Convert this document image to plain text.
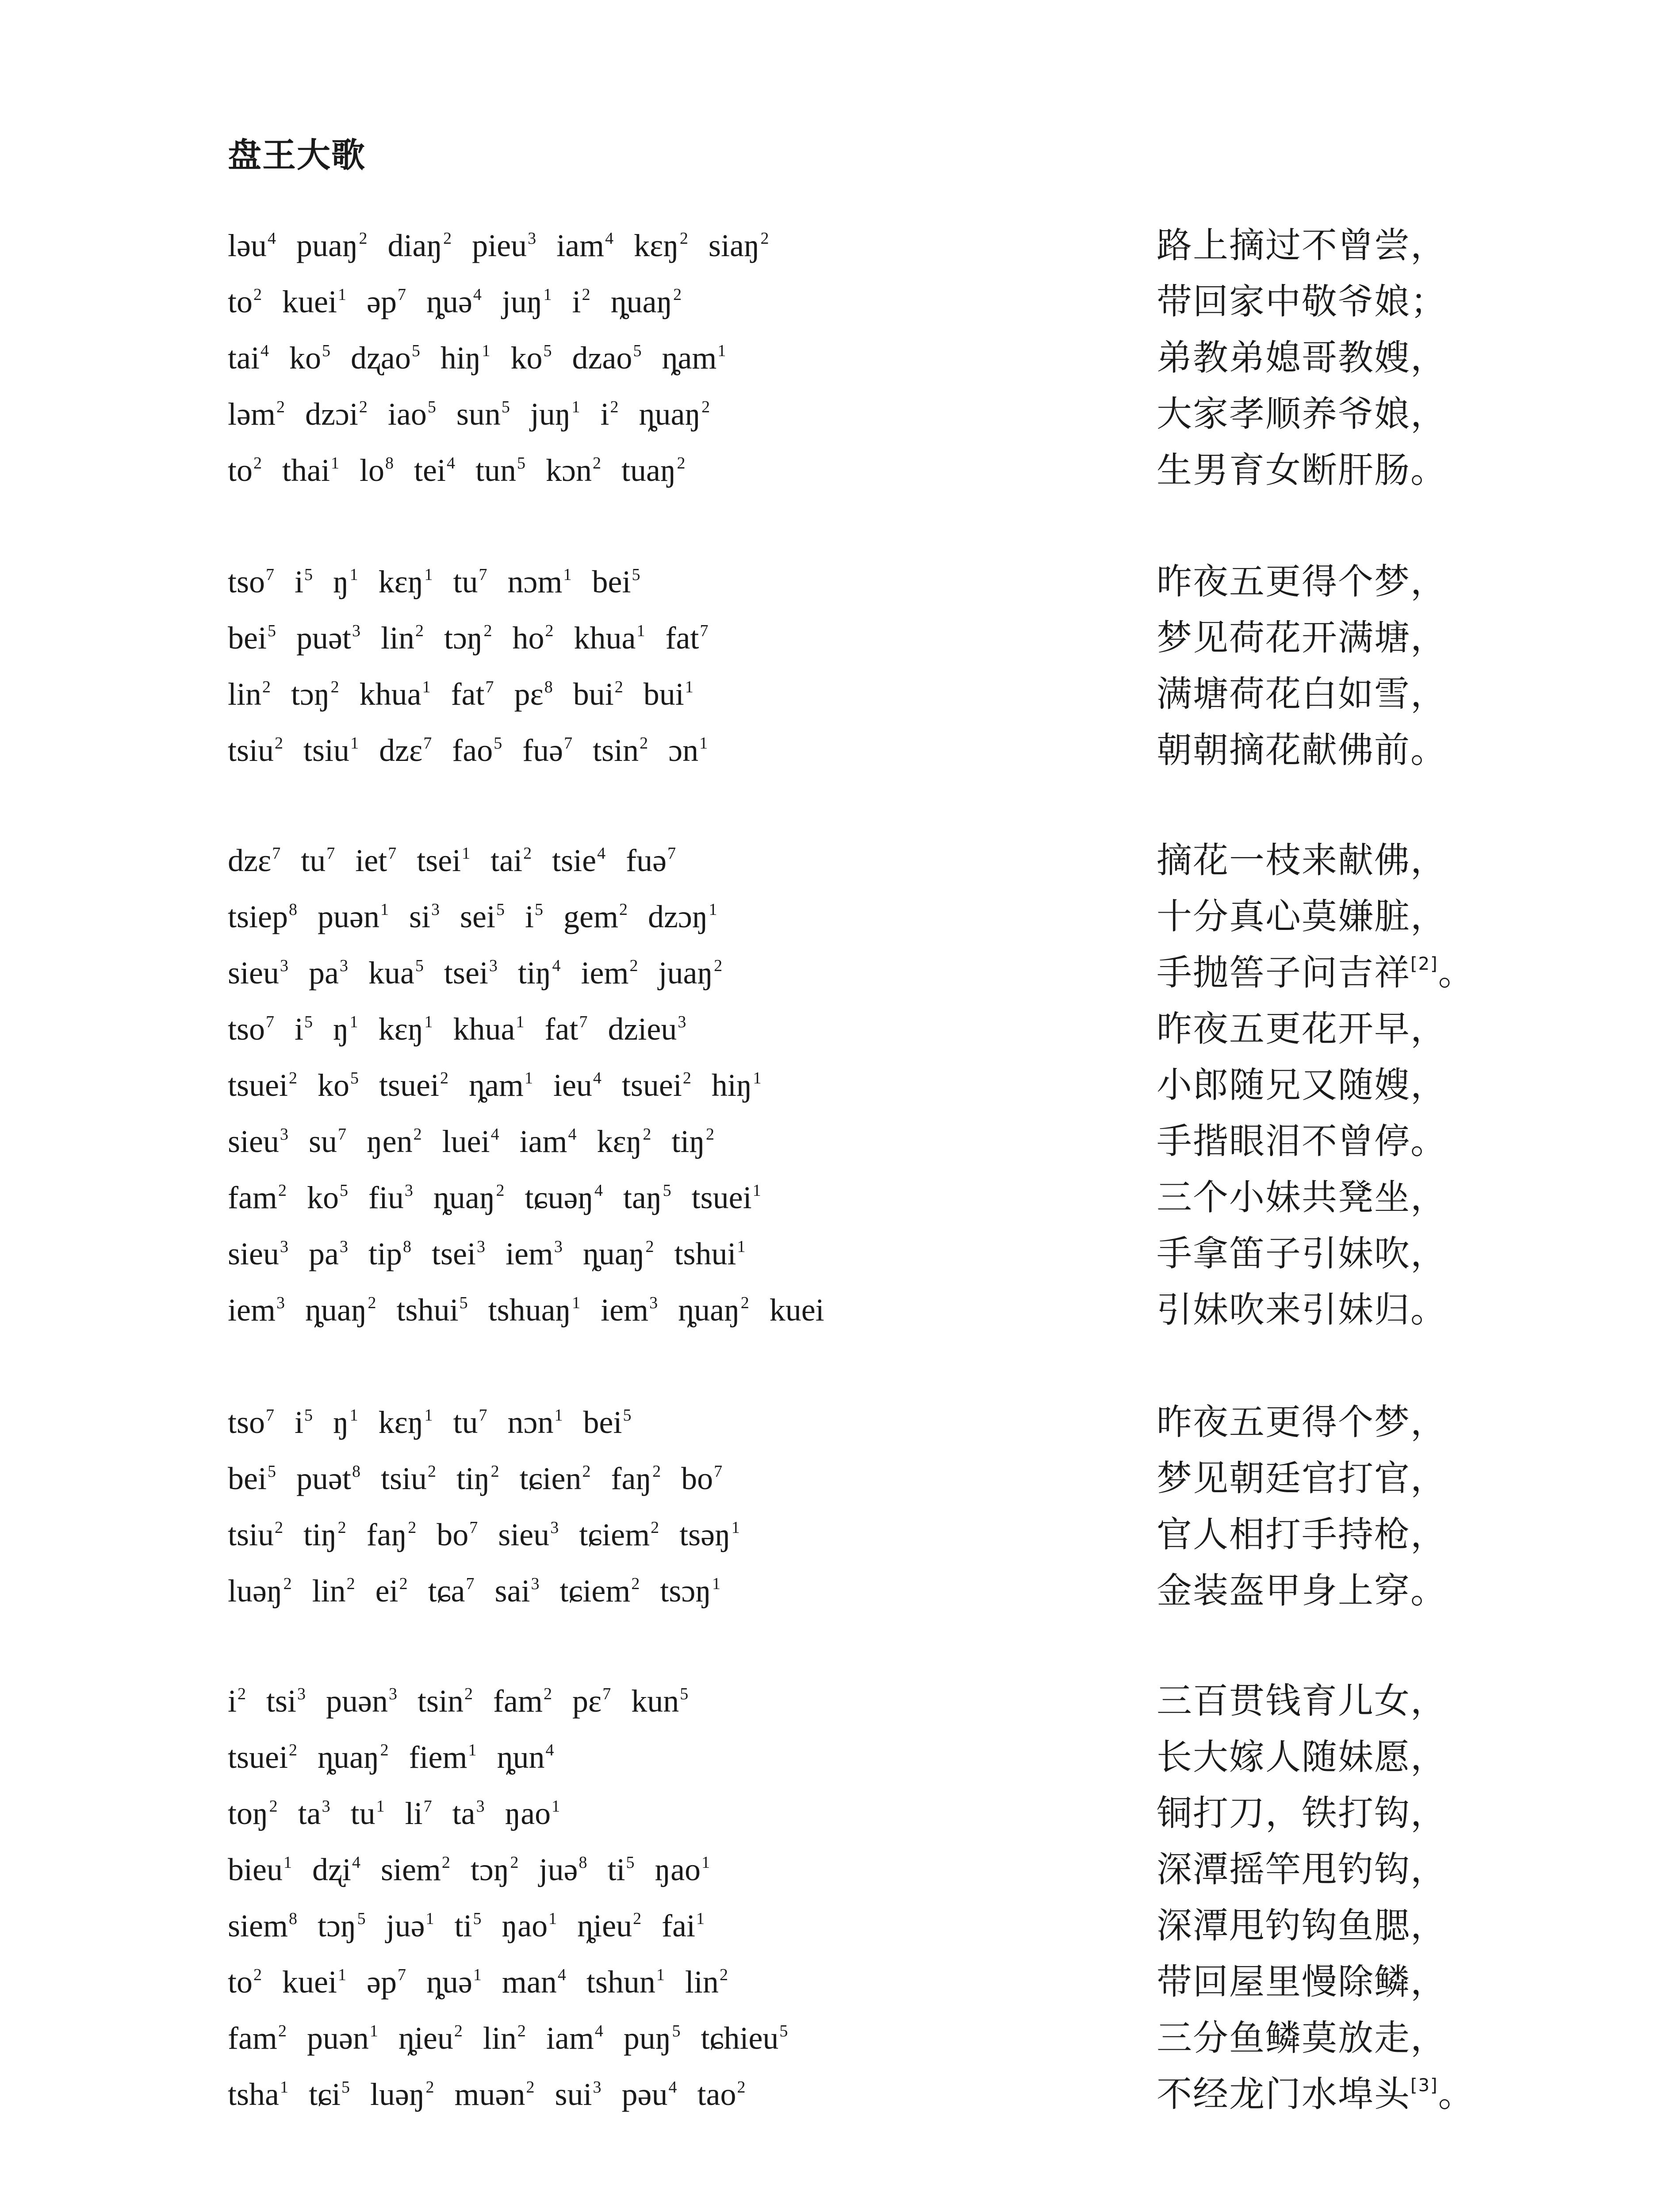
盘王大歌
ləu$^4$ puaŋ$^2$ diaŋ$^2$ pieu$^3$ iam$^4$ kɛŋ$^2$ siaŋ$^2$	路上摘过不曾尝，
$to^2$ kuei$^1$ əp$^7$ ȵuə$^4$ juŋ$^1$ $i^2$ ȵuaŋ$^2$	带回家中敬爷娘；
tai$^4$ $ko^5$ dʐao$^5$ hiŋ$^1$ $ko^5$ dzao$^5$ ȵam$^1$	弟教弟媳哥教嫂，
ləm$^2$ dzɔi$^2$ iao$^5$ sun$^5$ juŋ$^1$ $i^2$ ȵuaŋ$^2$	大家孝顺养爷娘，
$to^2$ thai$^1$ $lo^8$ tei$^4$ tun$^5$ kɔn$^2$ tuaŋ$^2$	生男育女断肝肠。
tso$^7$ $i^5$ $ŋ^1$ kɛŋ$^1$ $tu^7$ nɔm$^1$ bei$^5$	昨夜五更得个梦，
bei$^5$ puət$^3$ lin$^2$ tɔŋ$^2$ $ho^2$ khua$^1$ fat$^7$	梦见荷花开满塘，
lin$^2$ tɔŋ$^2$ khua$^1$ fat$^7$ pɛ$^8$ bui$^2$ bui$^1$	满塘荷花白如雪，
tsiu$^2$ tsiu$^1$ dzɛ$^7$ fao$^5$ fuə$^7$ tsin$^2$ ɔn$^1$	朝朝摘花献佛前。
dzɛ$^7$ $tu^7$ iet$^7$ tsei$^1$ tai$^2$ tsie$^4$ fuə$^7$	摘花一枝来献佛，
tsiep$^8$ puən$^1$ $si^3$ sei$^5$ $i^5$ gem$^2$ dzɔŋ$^1$	十分真心莫嫌脏，
sieu$^3$ $pa^3$ kua$^5$ tsei$^3$ tiŋ$^4$ iem$^2$ juaŋ$^2$	手抛筶子问吉祥[2]。
tso$^7$ $i^5$ $ŋ^1$ kɛŋ$^1$ khua$^1$ fat$^7$ dzieu$^3$	昨夜五更花开早，
tsuei$^2$ $ko^5$ tsuei$^2$ ȵam$^1$ ieu$^4$ tsuei$^2$ hiŋ$^1$	小郎随兄又随嫂，
sieu$^3$ $su^7$ ŋen$^2$ luei$^4$ iam$^4$ kɛŋ$^2$ tiŋ$^2$	手揩眼泪不曾停。
fam$^2$ $ko^5$ fiu$^3$ ȵuaŋ$^2$ tɕuəŋ$^4$ taŋ$^5$ tsuei$^1$	三个小妹共凳坐，
sieu$^3$ $pa^3$ tip$^8$ tsei$^3$ iem$^3$ ȵuaŋ$^2$ tshui$^1$	手拿笛子引妹吹，
iem$^3$ ȵuaŋ$^2$ tshui$^5$ tshuaŋ$^1$ iem$^3$ ȵuaŋ$^2$ kuei	引妹吹来引妹归。
tso$^7$ $i^5$ $ŋ^1$ kɛŋ$^1$ $tu^7$ nɔn$^1$ bei$^5$	昨夜五更得个梦，
bei$^5$ puət$^8$ tsiu$^2$ tiŋ$^2$ tɕien$^2$ faŋ$^2$ $bo^7$	梦见朝廷官打官，
tsiu$^2$ tiŋ$^2$ faŋ$^2$ $bo^7$ sieu$^3$ tɕiem$^2$ tsəŋ$^1$	官人相打手持枪，
luəŋ$^2$ lin$^2$ $ei^2$ tɕa$^7$ sai$^3$ tɕiem$^2$ tsɔŋ$^1$	金装盔甲身上穿。
$i^2$ tsi$^3$ puən$^3$ tsin$^2$ fam$^2$ pɛ$^7$ kun$^5$	三百贯钱育儿女，
tsuei$^2$ ȵuaŋ$^2$ fiem$^1$ ȵun$^4$	长大嫁人随妹愿，
toŋ$^2$ $ta^3$ $tu^1$ $li^7$ $ta^3$ ŋao$^1$	铜打刀，铁打钩，
bieu$^1$ dʐi$^4$ siem$^2$ tɔŋ$^2$ juə$^8$ $ti^5$ ŋao$^1$	深潭摇竿甩钓钩，
siem$^8$ tɔŋ$^5$ juə$^1$ $ti^5$ ŋao$^1$ ȵieu$^2$ fai$^1$	深潭甩钓钩鱼腮，
$to^2$ kuei$^1$ əp$^7$ ȵuə$^1$ man$^4$ tshun$^1$ lin$^2$	带回屋里慢除鳞，
fam$^2$ puən$^1$ ȵieu$^2$ lin$^2$ iam$^4$ puŋ$^5$ tɕhieu$^5$	三分鱼鳞莫放走，
tsha$^1$ tɕi$^5$ luəŋ$^2$ muən$^2$ sui$^3$ pəu$^4$ tao$^2$	不经龙门水埠头[3]。
